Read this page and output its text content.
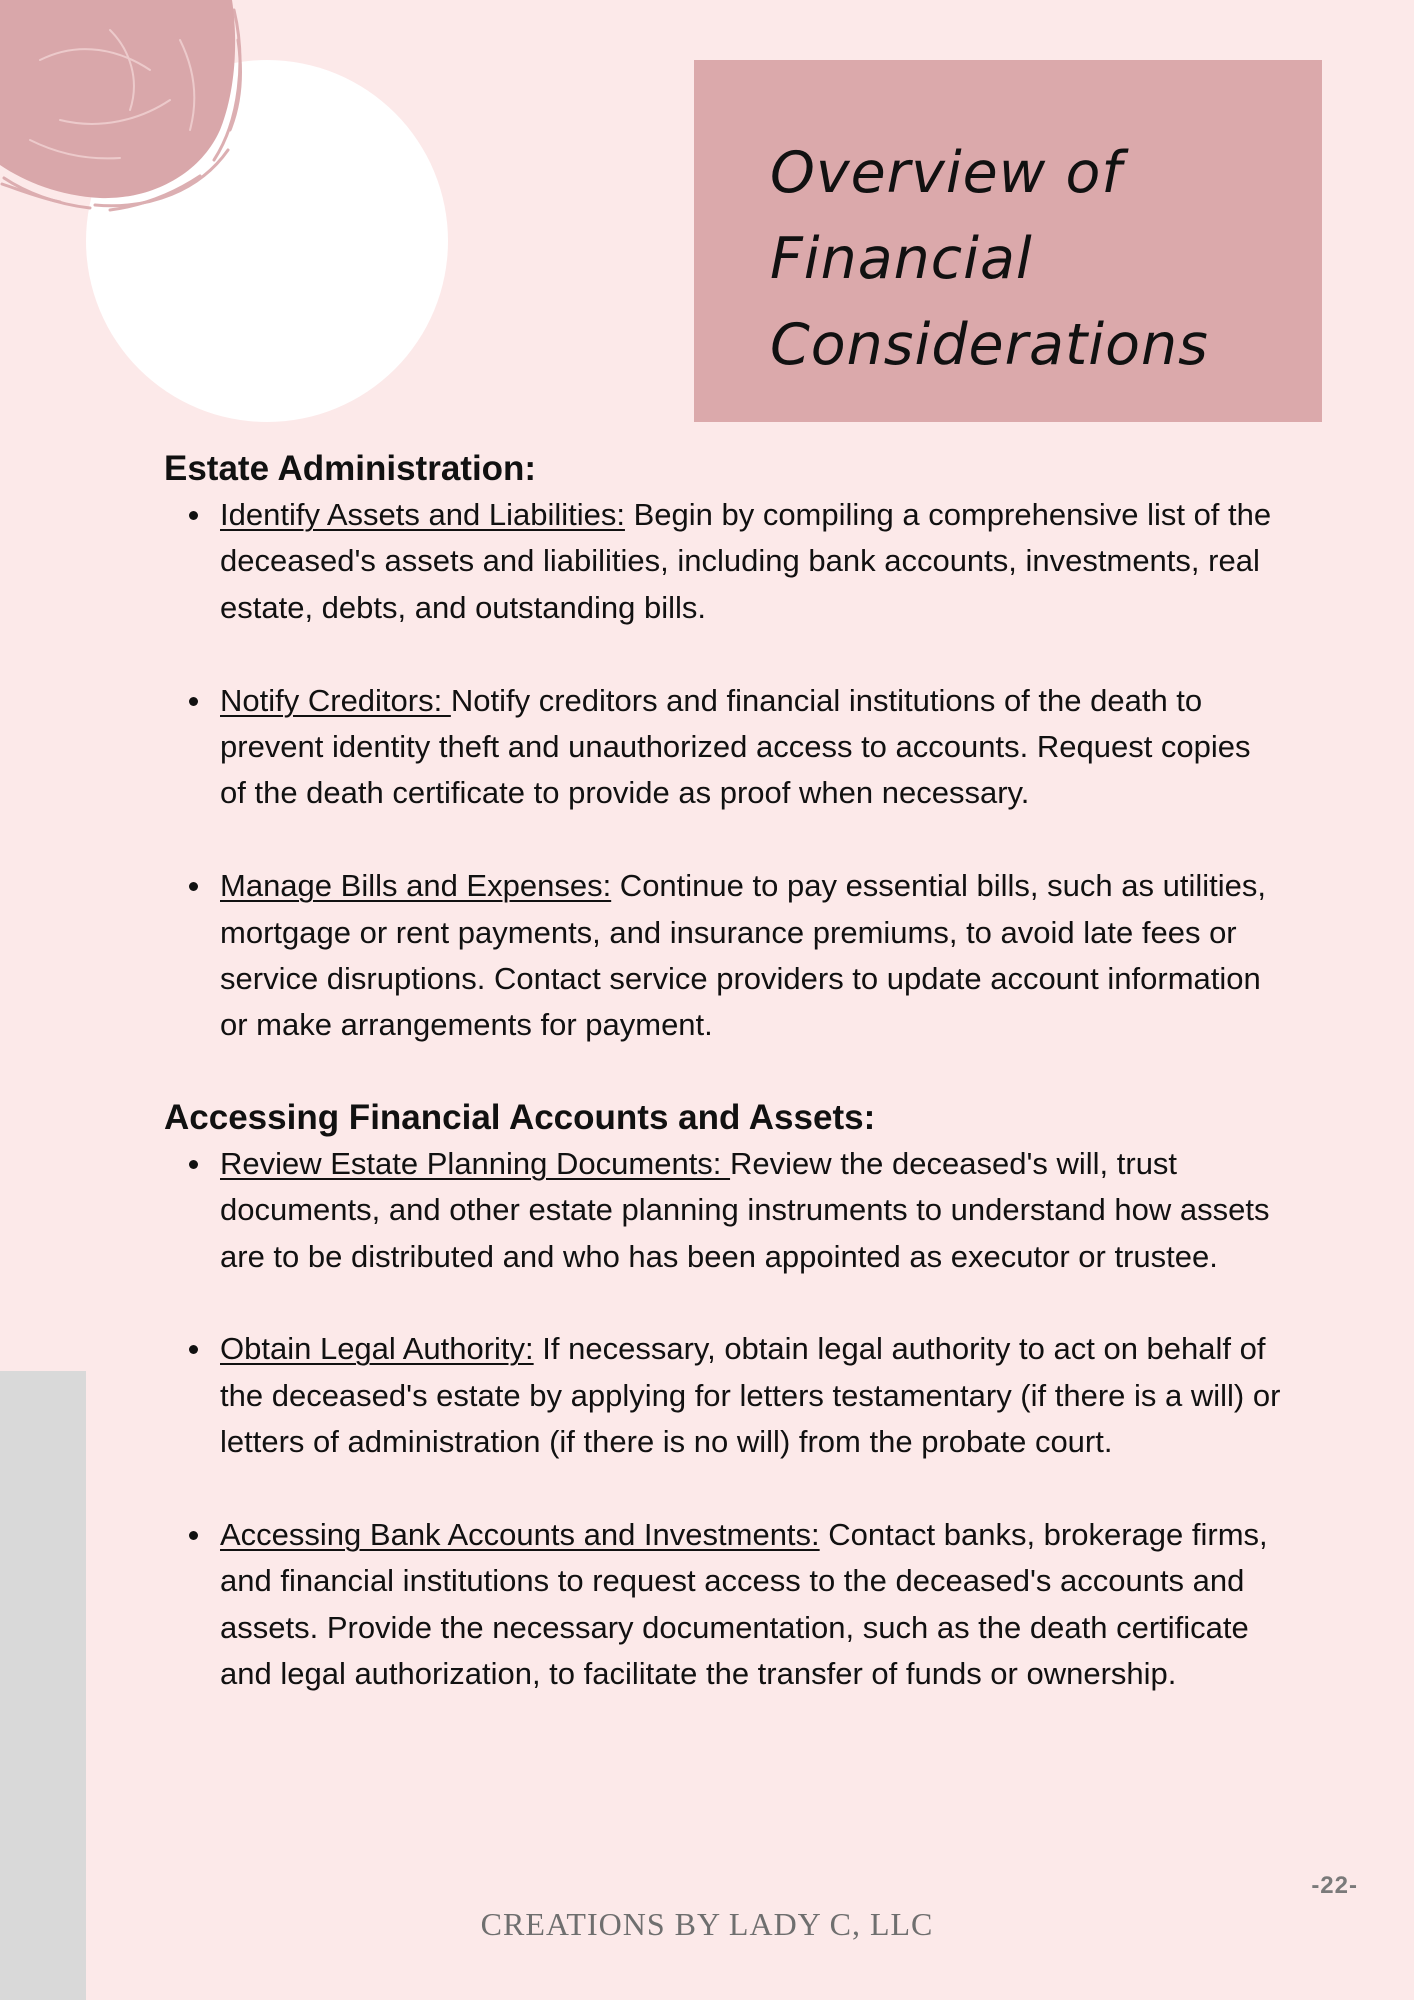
Overview of
Financial
Considerations
Estate Administration:
Identify Assets and Liabilities: Begin by compiling a comprehensive list of the deceased's assets and liabilities, including bank accounts, investments, real estate, debts, and outstanding bills.
Notify Creditors: Notify creditors and financial institutions of the death to prevent identity theft and unauthorized access to accounts. Request copies of the death certificate to provide as proof when necessary.
Manage Bills and Expenses: Continue to pay essential bills, such as utilities, mortgage or rent payments, and insurance premiums, to avoid late fees or service disruptions. Contact service providers to update account information or make arrangements for payment.
Accessing Financial Accounts and Assets:
Review Estate Planning Documents: Review the deceased's will, trust documents, and other estate planning instruments to understand how assets are to be distributed and who has been appointed as executor or trustee.
Obtain Legal Authority: If necessary, obtain legal authority to act on behalf of the deceased's estate by applying for letters testamentary (if there is a will) or letters of administration (if there is no will) from the probate court.
Accessing Bank Accounts and Investments: Contact banks, brokerage firms, and financial institutions to request access to the deceased's accounts and assets. Provide the necessary documentation, such as the death certificate and legal authorization, to facilitate the transfer of funds or ownership.
-22-
CREATIONS BY LADY C, LLC
